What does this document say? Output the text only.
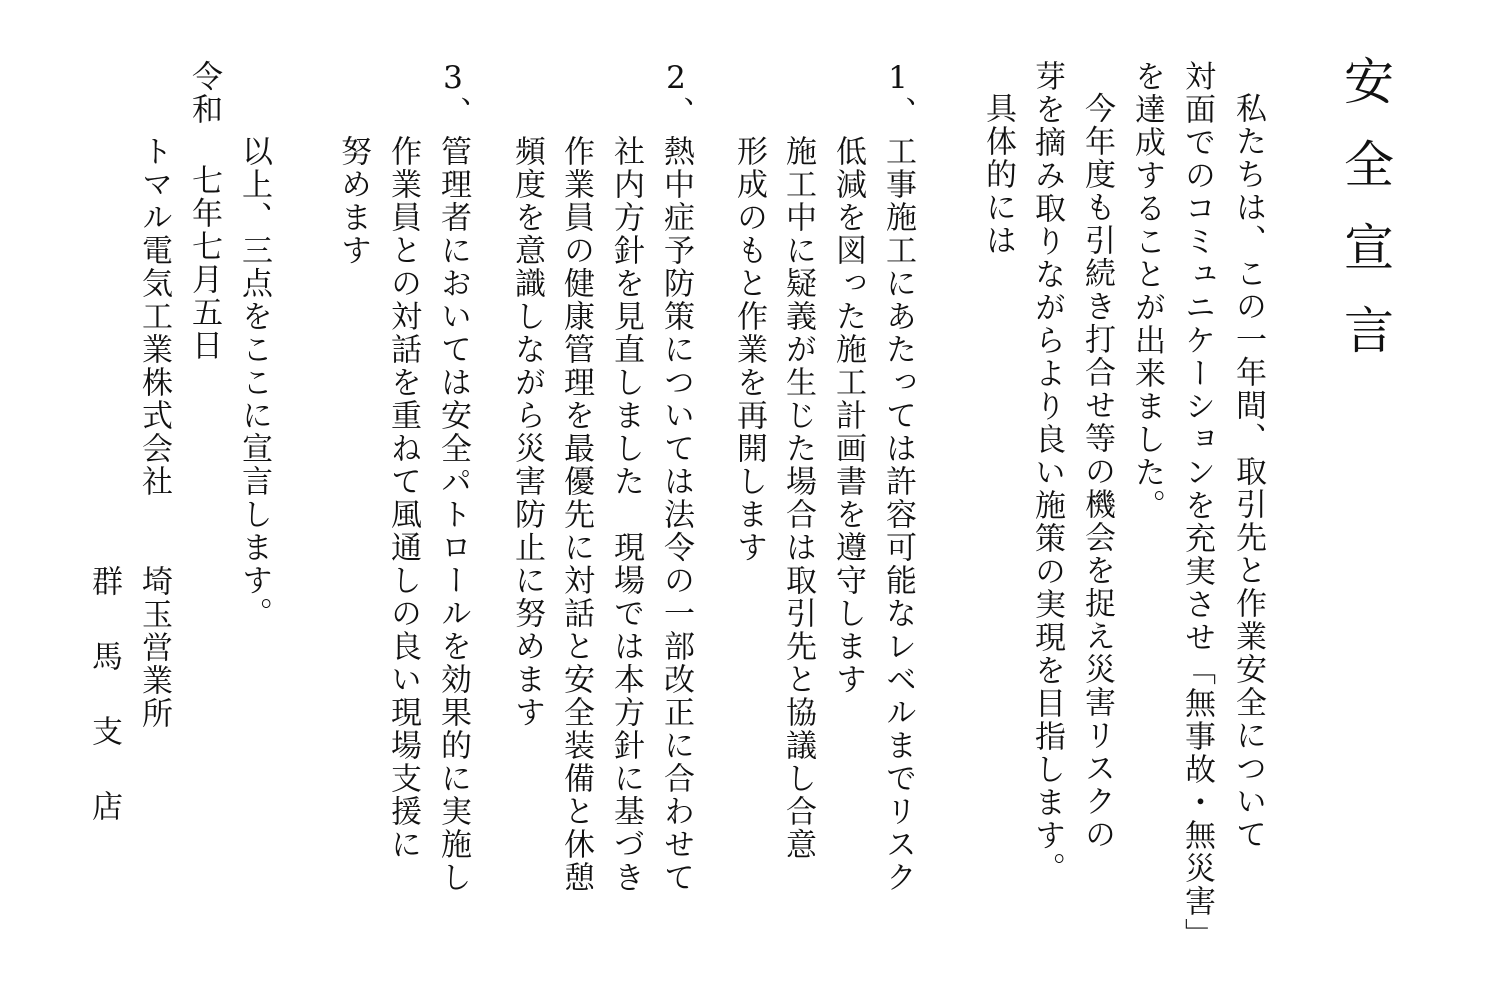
安全宣言
私たちは、この一年間、取引先と作業安全について
対面でのコミュニケーションを充実させ「無事故・無災害」
を達成することが出来ました。
今年度も引続き打合せ等の機会を捉え災害リスクの
芽を摘み取りながらより良い施策の実現を目指します。
具体的には
1、
工事施工にあたっては許容可能なレベルまでリスク
低減を図った施工計画書を遵守します
施工中に疑義が生じた場合は取引先と協議し合意
形成のもと作業を再開します
2、
熱中症予防策については法令の一部改正に合わせて
社内方針を見直しました　現場では本方針に基づき
作業員の健康管理を最優先に対話と安全装備と休憩
頻度を意識しながら災害防止に努めます
3、
管理者においては安全パトロールを効果的に実施し
作業員との対話を重ねて風通しの良い現場支援に
努めます
以上、三点をここに宣言します。
令和 七年七月五日
トマル電気工業株式会社
埼玉営業所
群 馬 支 店
